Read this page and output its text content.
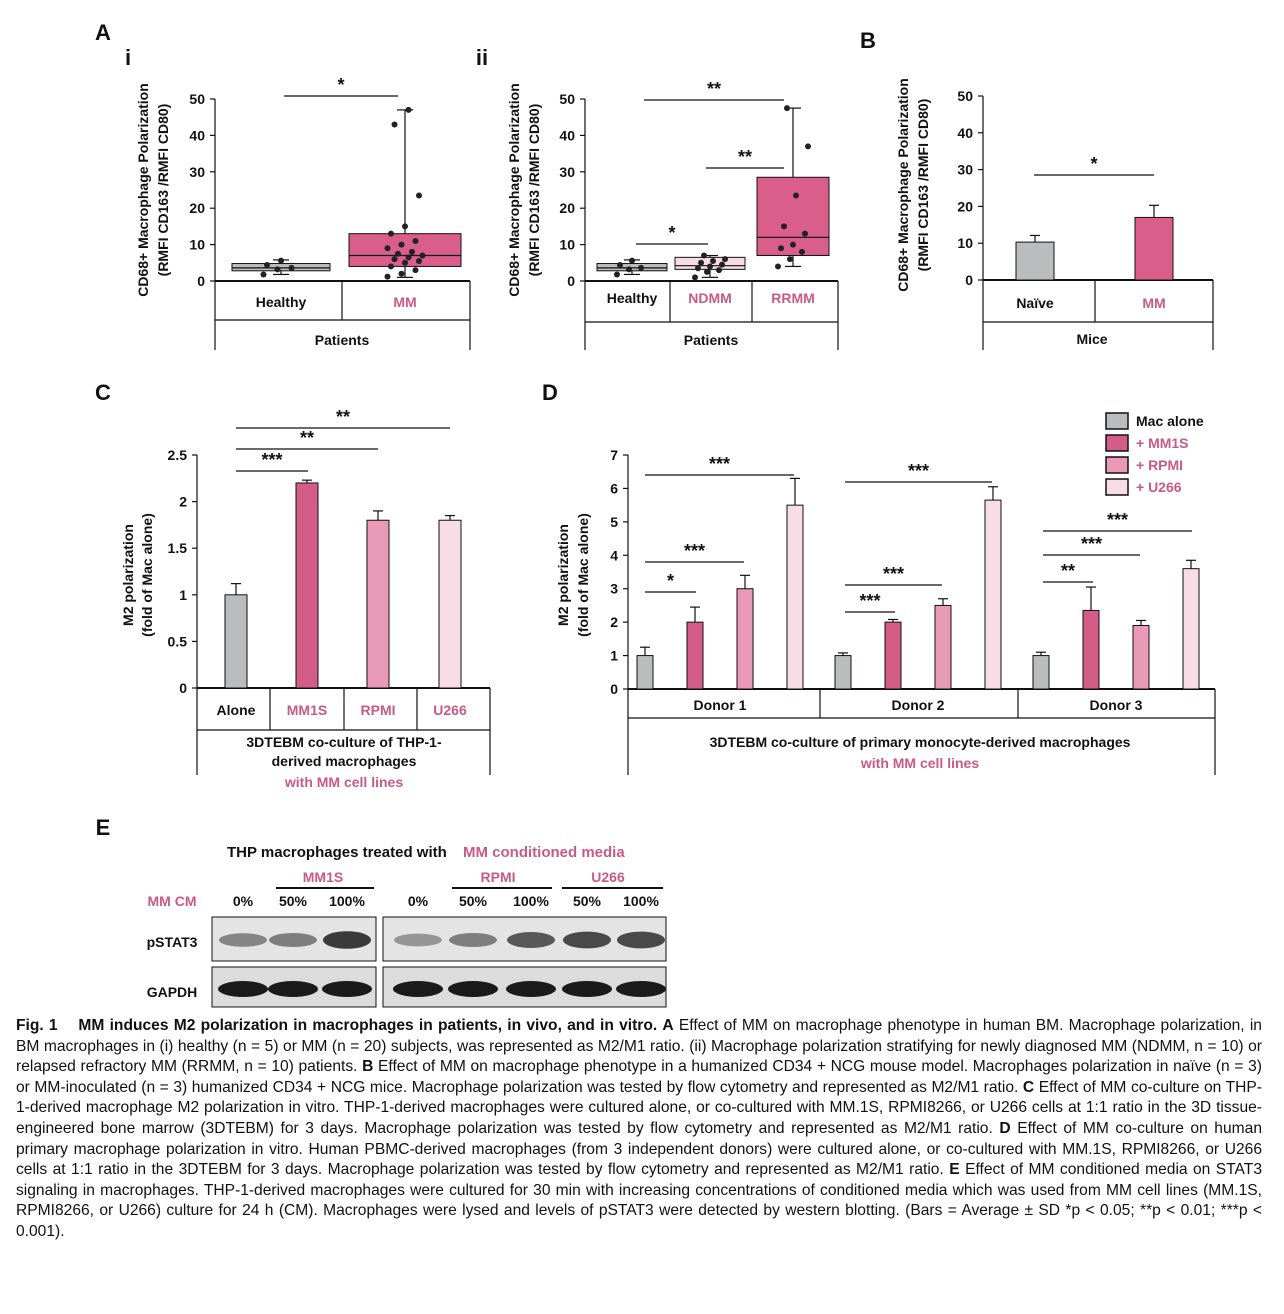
A
i	ii
B
C	D
E
CD68+ Macrophage Polarization (RMFI CD163 /RMFI CD80)
0
10
20
30
40
50
Healthy	MM
Patients
*	CD68+ Macrophage Polarization (RMFI CD163 /RMFI CD80)
0
10
20
30
40
50
Healthy NDMM	RRMM
Patients
*
**
**	CD68+ Macrophage Polarization (RMFI CD163 /RMFI CD80)
0
10
20
30
40
50
Naïve	MM
Mice
*
M2 polarization (fold of Mac alone)
0
0.5
1
1.5
2
2.5
Alone MM1S RPMI	U266
3DTEBM co-culture of THP-1-
derived macrophages
with MM cell lines
***
**
**
M2 polarization (fold of Mac alone)
0
1
2
3
4
5
6
7
Donor 1	Donor 2	Donor 3
3DTEBM co-culture of primary monocyte-derived macrophages
with MM cell lines
Mac alone
+ MM1S
+ RPMI
+ U266
*
***
***
***
***
***
**
***
***
THP macrophages treated with MM conditioned media
MM CM
MM1S	RPMI	U266
0% 50% 100%	0% 50% 100% 50% 100%
pSTAT3
GAPDH

Fig. 1 MM induces M2 polarization in macrophages in patients, in vivo, and in vitro. A Effect of MM on macrophage phenotype in human BM. Macrophage polarization, in BM macrophages in (i) healthy (n = 5) or MM (n = 20) subjects, was represented as M2/M1 ratio. (ii) Macrophage polarization stratifying for newly diagnosed MM (NDMM, n = 10) or relapsed refractory MM (RRMM, n = 10) patients. B Effect of MM on macrophage phenotype in a humanized CD34 + NCG mouse model. Macrophages polarization in naïve (n = 3) or MM-inoculated (n = 3) humanized CD34 + NCG mice. Macrophage polarization was tested by flow cytometry and represented as M2/M1 ratio. C Effect of MM co-culture on THP-1-derived macrophage M2 polarization in vitro. THP-1-derived macrophages were cultured alone, or co-cultured with MM.1S, RPMI8266, or U266 cells at 1:1 ratio in the 3D tissue-engineered bone marrow (3DTEBM) for 3 days. Macrophage polarization was tested by flow cytometry and represented as M2/M1 ratio. D Effect of MM co-culture on human primary macrophage polarization in vitro. Human PBMC-derived macrophages (from 3 independent donors) were cultured alone, or co-cultured with MM.1S, RPMI8266, or U266 cells at 1:1 ratio in the 3DTEBM for 3 days. Macrophage polarization was tested by flow cytometry and represented as M2/M1 ratio. E Effect of MM conditioned media on STAT3 signaling in macrophages. THP-1-derived macrophages were cultured for 30 min with increasing concentrations of conditioned media which was used from MM cell lines (MM.1S, RPMI8266, or U266) culture for 24 h (CM). Macrophages were lysed and levels of pSTAT3 were detected by western blotting. (Bars = Average ± SD *p < 0.05; **p < 0.01; ***p < 0.001).
